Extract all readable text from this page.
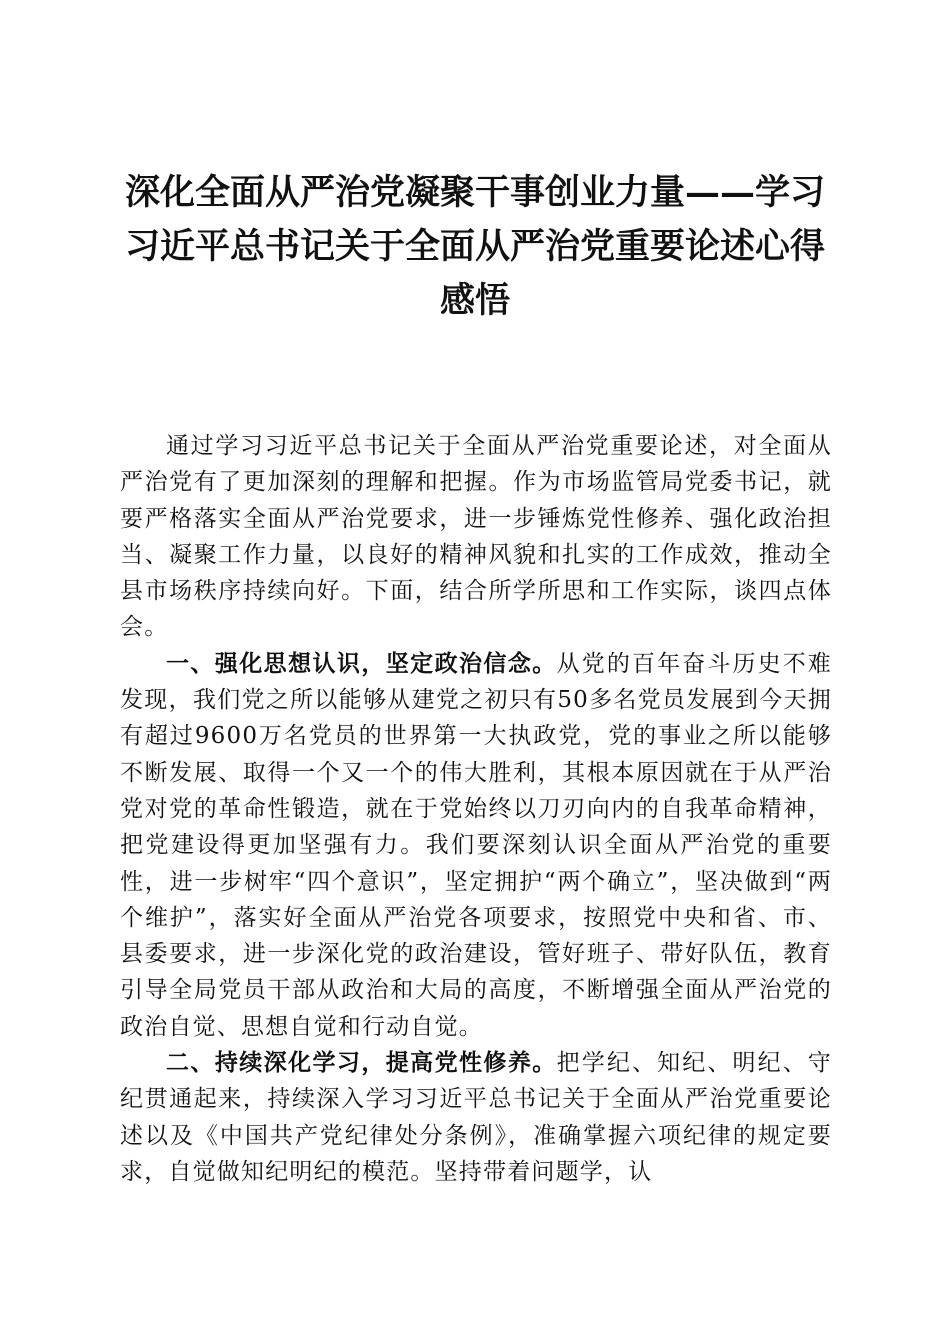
深化全面从严治党凝聚干事创业力量——学习
习近平总书记关于全面从严治党重要论述心得
感悟

通过学习习近平总书记关于全面从严治党重要论述，对全面从严治党有了更加深刻的理解和把握。作为市场监管局党委书记，就要严格落实全面从严治党要求，进一步锤炼党性修养、强化政治担当、凝聚工作力量，以良好的精神风貌和扎实的工作成效，推动全县市场秩序持续向好。下面，结合所学所思和工作实际，谈四点体会。

一、强化思想认识，坚定政治信念。从党的百年奋斗历史不难发现，我们党之所以能够从建党之初只有50多名党员发展到今天拥有超过9600万名党员的世界第一大执政党，党的事业之所以能够不断发展、取得一个又一个的伟大胜利，其根本原因就在于从严治党对党的革命性锻造，就在于党始终以刀刃向内的自我革命精神，把党建设得更加坚强有力。我们要深刻认识全面从严治党的重要性，进一步树牢“四个意识”，坚定拥护“两个确立”，坚决做到“两个维护”，落实好全面从严治党各项要求，按照党中央和省、市、县委要求，进一步深化党的政治建设，管好班子、带好队伍，教育引导全局党员干部从政治和大局的高度，不断增强全面从严治党的政治自觉、思想自觉和行动自觉。

二、持续深化学习，提高党性修养。把学纪、知纪、明纪、守纪贯通起来，持续深入学习习近平总书记关于全面从严治党重要论述以及《中国共产党纪律处分条例》，准确掌握六项纪律的规定要求，自觉做知纪明纪的模范。坚持带着问题学，认
